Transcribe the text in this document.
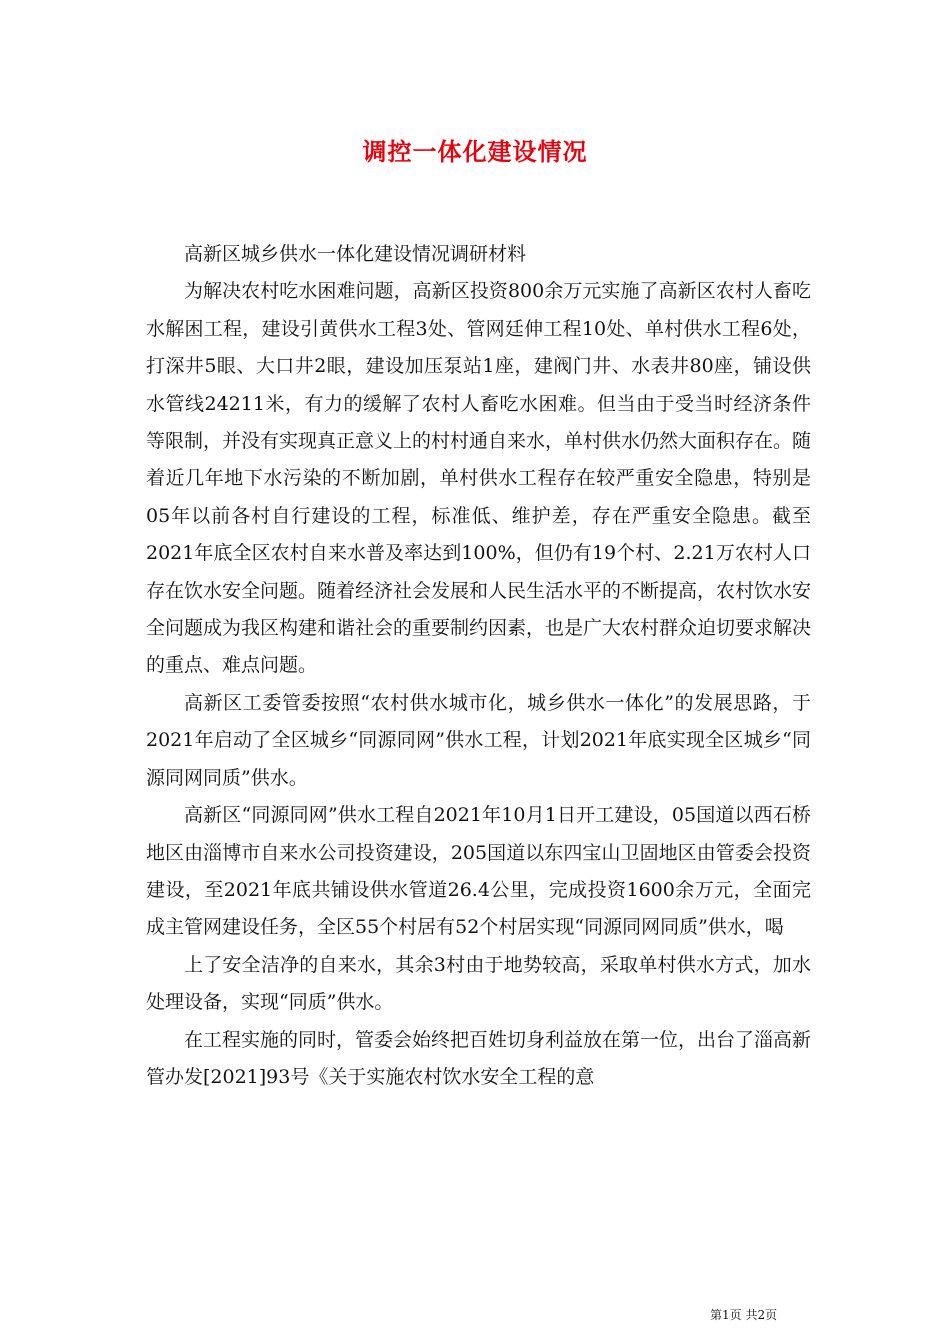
调控一体化建设情况

高新区城乡供水一体化建设情况调研材料

为解决农村吃水困难问题，高新区投资800余万元实施了高新区农村人畜吃水解困工程，建设引黄供水工程3处、管网廷伸工程10处、单村供水工程6处，打深井5眼、大口井2眼，建设加压泵站1座，建阀门井、水表井80座，铺设供水管线24211米，有力的缓解了农村人畜吃水困难。但当由于受当时经济条件等限制，并没有实现真正意义上的村村通自来水，单村供水仍然大面积存在。随着近几年地下水污染的不断加剧，单村供水工程存在较严重安全隐患，特别是05年以前各村自行建设的工程，标准低、维护差，存在严重安全隐患。截至2021年底全区农村自来水普及率达到100%，但仍有19个村、2.21万农村人口存在饮水安全问题。随着经济社会发展和人民生活水平的不断提高，农村饮水安全问题成为我区构建和谐社会的重要制约因素，也是广大农村群众迫切要求解决的重点、难点问题。

高新区工委管委按照“农村供水城市化，城乡供水一体化”的发展思路，于2021年启动了全区城乡“同源同网”供水工程，计划2021年底实现全区城乡“同源同网同质”供水。

高新区“同源同网”供水工程自2021年10月1日开工建设，05国道以西石桥地区由淄博市自来水公司投资建设，205国道以东四宝山卫固地区由管委会投资建设，至2021年底共铺设供水管道26.4公里，完成投资1600余万元，全面完成主管网建设任务，全区55个村居有52个村居实现“同源同网同质”供水，喝

上了安全洁净的自来水，其余3村由于地势较高，采取单村供水方式，加水处理设备，实现“同质”供水。

在工程实施的同时，管委会始终把百姓切身利益放在第一位，出台了淄高新管办发[2021]93号《关于实施农村饮水安全工程的意

第1页 共2页
